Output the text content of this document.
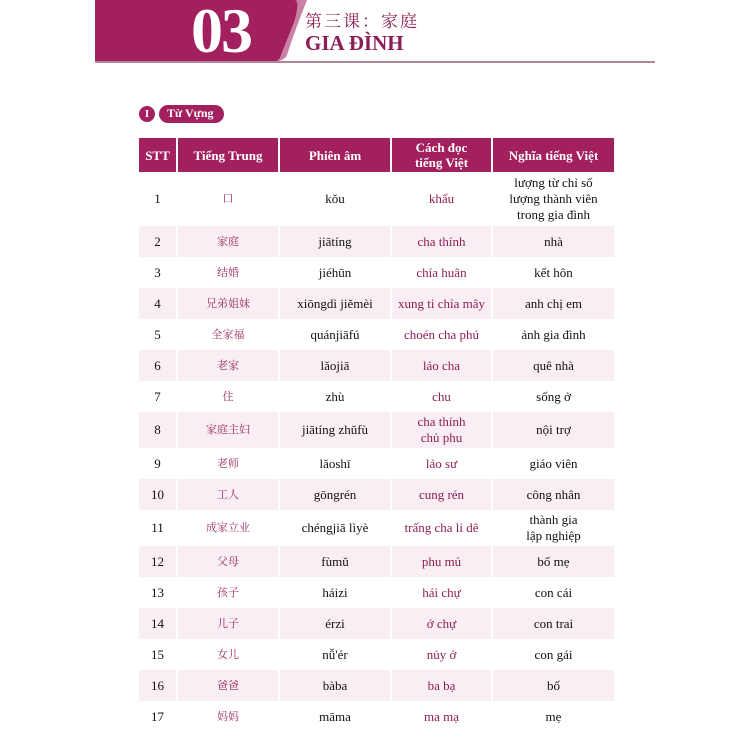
03	第三课：家庭
GIA ĐÌNH
I	Từ Vựng
STT	Tiếng Trung	Phiên âm	Cách đọc tiếng Việt	Nghĩa tiếng Việt
1	口	kǒu	khẩu	lượng từ chỉ số lượng thành viên trong gia đình
2	家庭	jiātíng	cha thính	nhà
3	结婚	jiéhūn	chía huân	kết hôn
4	兄弟姐妹	xiōngdì jiěmèi	xung ti chỉa mây	anh chị em
5	全家福	quánjiāfú	choén cha phú	ảnh gia đình
6	老家	lǎojiā	lảo cha	quê nhà
7	住	zhù	chu	sống ở
8	家庭主妇	jiātíng zhǔfù	cha thính chủ phu	nội trợ
9	老师	lǎoshī	lảo sư	giáo viên
10	工人	gōngrén	cung rén	công nhân
11	成家立业	chéngjiā lìyè	trấng cha li dê	thành gia lập nghiệp
12	父母	fùmǔ	phu mủ	bố mẹ
13	孩子	háizi	hái chự	con cái
14	儿子	érzi	ớ chự	con trai
15	女儿	nǚ'ér	nủy ớ	con gái
16	爸爸	bàba	ba bạ	bố
17	妈妈	māma	ma mạ	mẹ
